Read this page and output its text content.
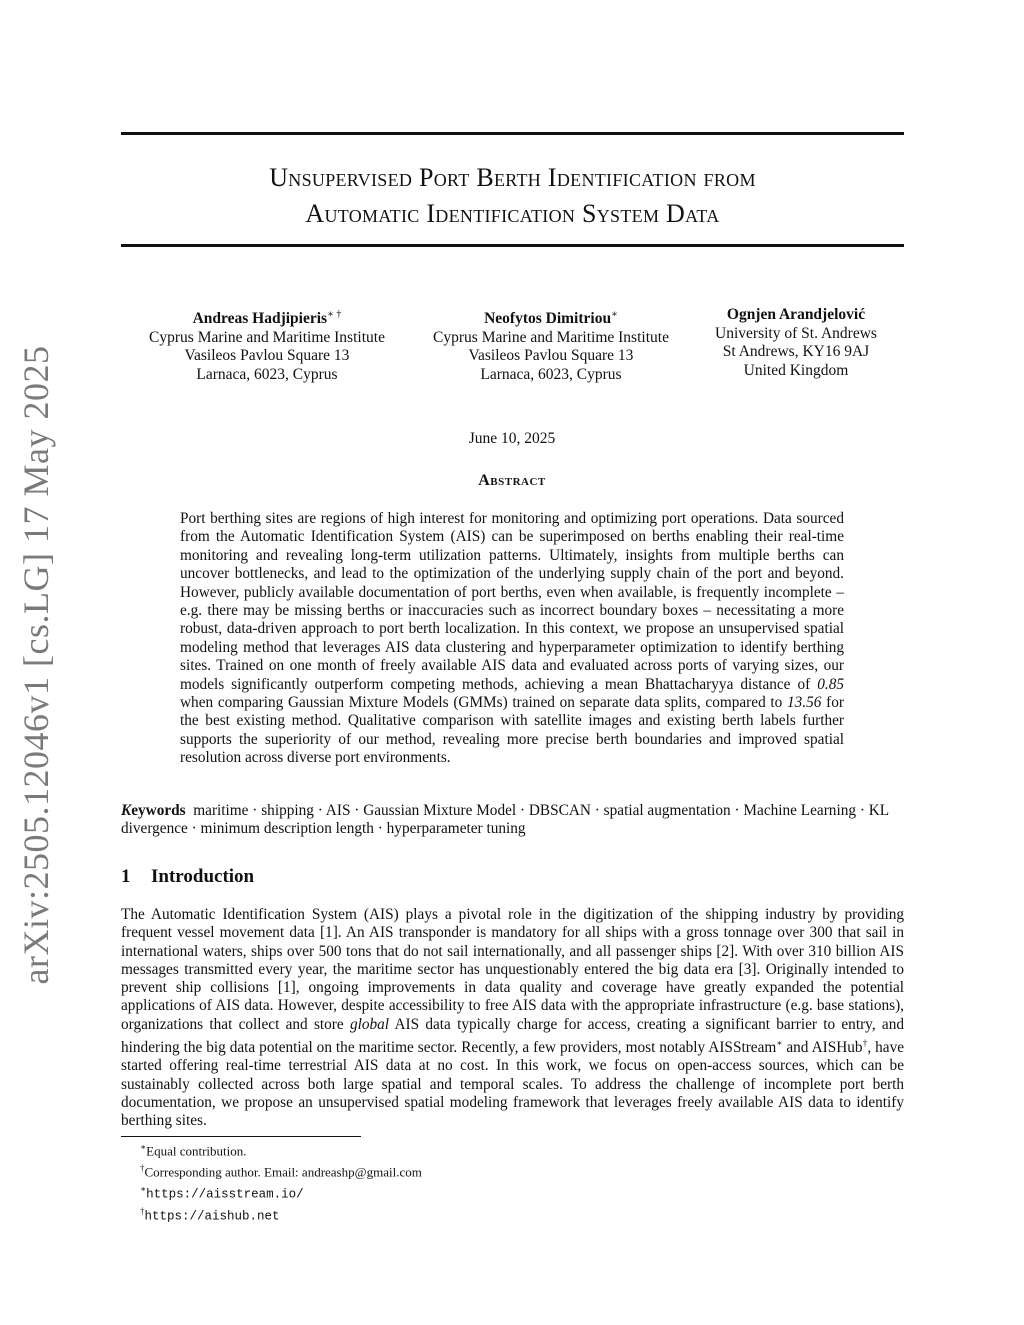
arXiv:2505.12046v1 [cs.LG] 17 May 2025
Unsupervised Port Berth Identification from
Automatic Identification System Data
Andreas Hadjipieris∗ †
Cyprus Marine and Maritime Institute
Vasileos Pavlou Square 13
Larnaca, 6023, Cyprus
Neofytos Dimitriou∗
Cyprus Marine and Maritime Institute
Vasileos Pavlou Square 13
Larnaca, 6023, Cyprus
Ognjen Arandjelović
University of St. Andrews
St Andrews, KY16 9AJ
United Kingdom
June 10, 2025
Abstract

Port berthing sites are regions of high interest for monitoring and optimizing port operations. Data sourced from the Automatic Identification System (AIS) can be superimposed on berths enabling their real-time monitoring and revealing long-term utilization patterns. Ultimately, insights from multiple berths can uncover bottlenecks, and lead to the optimization of the underlying supply chain of the port and beyond. However, publicly available documentation of port berths, even when available, is frequently incomplete – e.g. there may be missing berths or inaccuracies such as incorrect boundary boxes – necessitating a more robust, data-driven approach to port berth localization. In this context, we propose an unsupervised spatial modeling method that leverages AIS data clustering and hyperparameter optimization to identify berthing sites. Trained on one month of freely available AIS data and evaluated across ports of varying sizes, our models significantly outperform competing methods, achieving a mean Bhattacharyya distance of 0.85 when comparing Gaussian Mixture Models (GMMs) trained on separate data splits, compared to 13.56 for the best existing method. Qualitative comparison with satellite images and existing berth labels further supports the superiority of our method, revealing more precise berth boundaries and improved spatial resolution across diverse port environments.

Keywords maritime · shipping · AIS · Gaussian Mixture Model · DBSCAN · spatial augmentation · Machine Learning · KL divergence · minimum description length · hyperparameter tuning

1 Introduction

The Automatic Identification System (AIS) plays a pivotal role in the digitization of the shipping industry by providing frequent vessel movement data [1]. An AIS transponder is mandatory for all ships with a gross tonnage over 300 that sail in international waters, ships over 500 tons that do not sail internationally, and all passenger ships [2]. With over 310 billion AIS messages transmitted every year, the maritime sector has unquestionably entered the big data era [3]. Originally intended to prevent ship collisions [1], ongoing improvements in data quality and coverage have greatly expanded the potential applications of AIS data. However, despite accessibility to free AIS data with the appropriate infrastructure (e.g. base stations), organizations that collect and store global AIS data typically charge for access, creating a significant barrier to entry, and hindering the big data potential on the maritime sector. Recently, a few providers, most notably AISStream∗ and AISHub†, have started offering real-time terrestrial AIS data at no cost. In this work, we focus on open-access sources, which can be sustainably collected across both large spatial and temporal scales. To address the challenge of incomplete port berth documentation, we propose an unsupervised spatial modeling framework that leverages freely available AIS data to identify berthing sites.

∗Equal contribution.
†Corresponding author. Email: andreashp@gmail.com
∗https://aisstream.io/
†https://aishub.net
